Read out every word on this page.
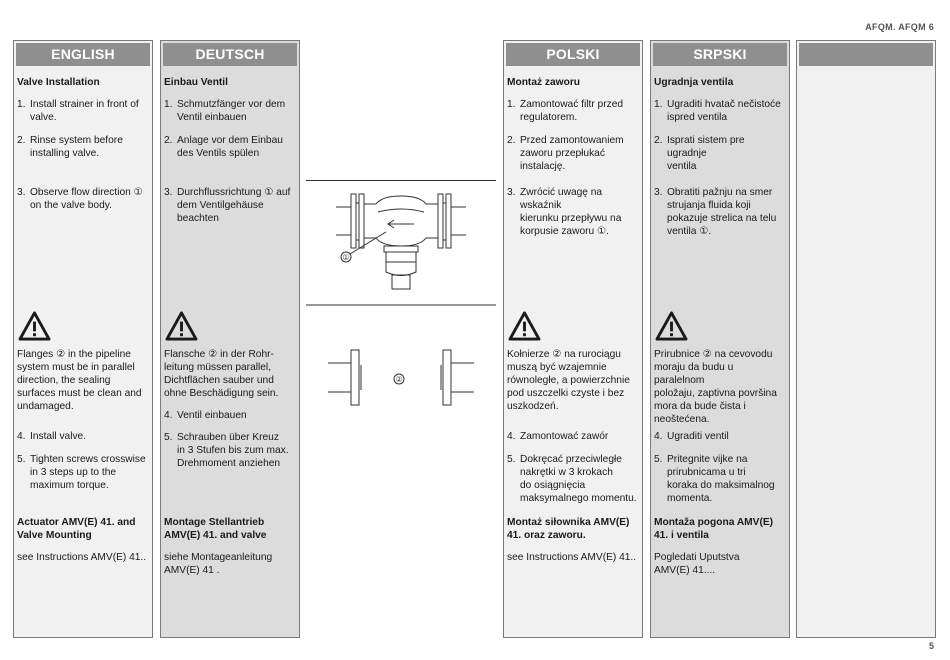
AFQM. AFQM 6
ENGLISH

Valve Installation

1. Install strainer in front of
valve.
2. Rinse system before
installing valve.
3. Observe flow direction ①
on the valve body.

Flanges ② in the pipeline
system must be in parallel
direction, the sealing
surfaces must be clean and
undamaged.

4. Install valve.
5. Tighten screws crosswise
in 3 steps up to the
maximum torque.

Actuator AMV(E) 41. and
Valve Mounting

see Instructions AMV(E) 41..

DEUTSCH

Einbau Ventil

1. Schmutzfänger vor dem
Ventil einbauen
2. Anlage vor dem Einbau
des Ventils spülen
3. Durchflussrichtung ① auf
dem Ventilgehäuse
beachten

Flansche ② in der Rohr-
leitung müssen parallel,
Dichtflächen sauber und
ohne Beschädigung sein.

4. Ventil einbauen
5. Schrauben über Kreuz
in 3 Stufen bis zum max.
Drehmoment anziehen

Montage Stellantrieb
AMV(E) 41. and valve

siehe Montageanleitung
AMV(E) 41 .

①
②
POLSKI

Montaż zaworu

1. Zamontować filtr przed
regulatorem.
2. Przed zamontowaniem
zaworu przepłukać
instalację.
3. Zwrócić uwagę na wskaźnik
kierunku przepływu na
korpusie zaworu ①.

Kołnierze ② na rurociągu
muszą być wzajemnie
równoległe, a powierzchnie
pod uszczelki czyste i bez
uszkodzeń.

4. Zamontować zawór
5. Dokręcać przeciwległe
nakrętki w 3 krokach
do osiągnięcia
maksymalnego momentu.

Montaż siłownika AMV(E)
41. oraz zaworu.

see Instructions AMV(E) 41..

SRPSKI

Ugradnja ventila

1. Ugraditi hvatač nečistoće
ispred ventila
2. Isprati sistem pre ugradnje
ventila
3. Obratiti pažnju na smer
strujanja fluida koji
pokazuje strelica na telu
ventila ①.

Prirubnice ② na cevovodu
moraju da budu u paralelnom
položaju, zaptivna površina
mora da bude čista i
neoštećena.

4. Ugraditi ventil
5. Pritegnite vijke na
prirubnicama u tri
koraka do maksimalnog
momenta.

Montaža pogona AMV(E)
41. i ventila

Pogledati Uputstva
AMV(E) 41....

5
